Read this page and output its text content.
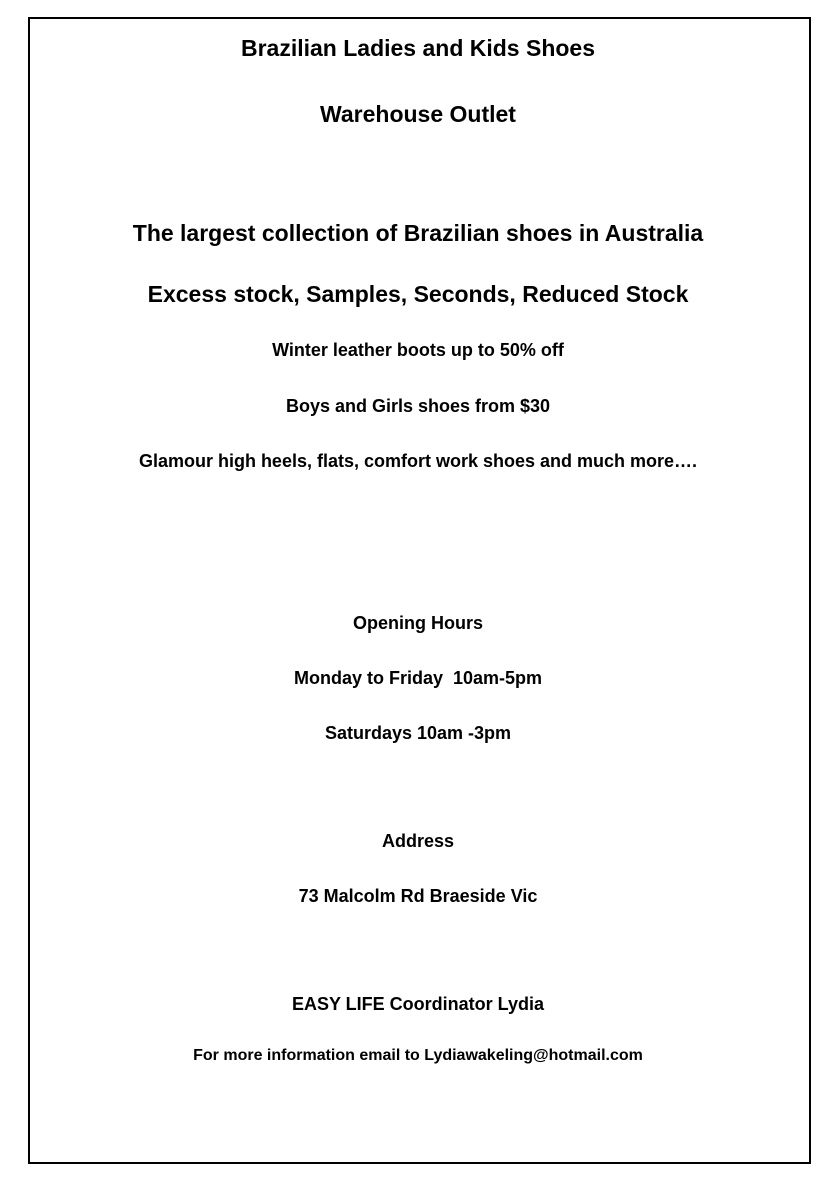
Brazilian Ladies and Kids Shoes
Warehouse Outlet
The largest collection of Brazilian shoes in Australia
Excess stock, Samples, Seconds, Reduced Stock
Winter leather boots up to 50% off
Boys and Girls shoes from $30
Glamour high heels, flats, comfort work shoes and much more….
Opening Hours
Monday to Friday  10am-5pm
Saturdays 10am -3pm
Address
73 Malcolm Rd Braeside Vic
EASY LIFE Coordinator Lydia
For more information email to Lydiawakeling@hotmail.com
